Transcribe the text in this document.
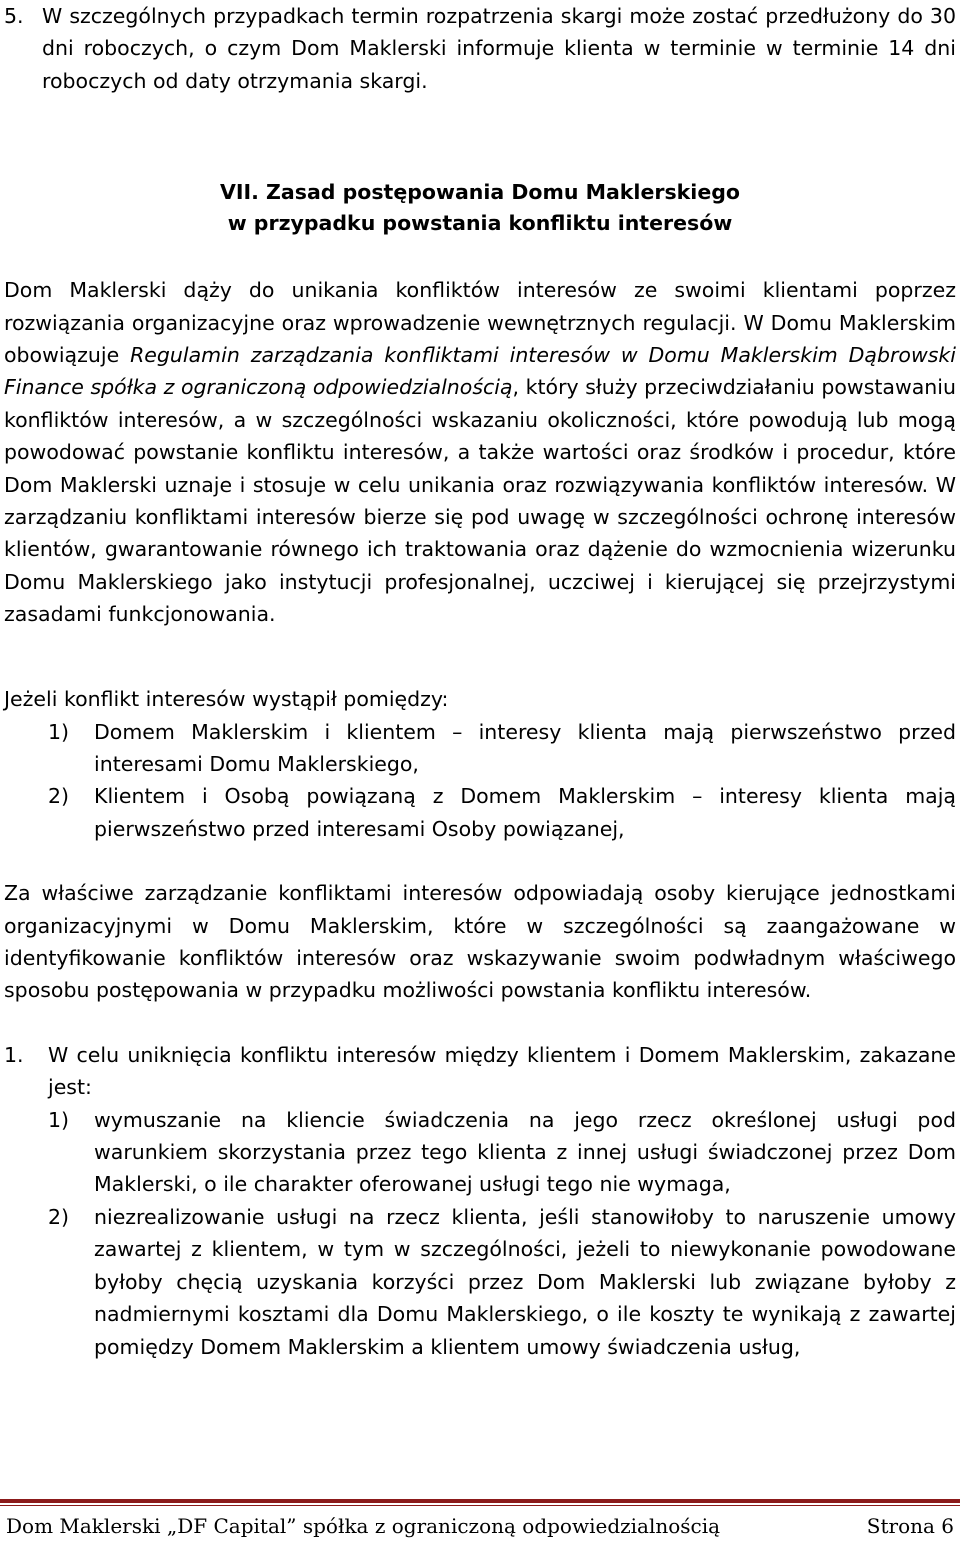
5. W szczególnych przypadkach termin rozpatrzenia skargi może zostać przedłużony do 30 dni roboczych, o czym Dom Maklerski informuje klienta w terminie w terminie 14 dni roboczych od daty otrzymania skargi.
VII. Zasad postępowania Domu Maklerskiego
w przypadku powstania konfliktu interesów

Dom Maklerski dąży do unikania konfliktów interesów ze swoimi klientami poprzez rozwiązania organizacyjne oraz wprowadzenie wewnętrznych regulacji. W Domu Maklerskim obowiązuje Regulamin zarządzania konfliktami interesów w Domu Maklerskim Dąbrowski Finance spółka z ograniczoną odpowiedzialnością, który służy przeciwdziałaniu powstawaniu konfliktów interesów, a w szczególności wskazaniu okoliczności, które powodują lub mogą powodować powstanie konfliktu interesów, a także wartości oraz środków i procedur, które Dom Maklerski uznaje i stosuje w celu unikania oraz rozwiązywania konfliktów interesów. W zarządzaniu konfliktami interesów bierze się pod uwagę w szczególności ochronę interesów klientów, gwarantowanie równego ich traktowania oraz dążenie do wzmocnienia wizerunku Domu Maklerskiego jako instytucji profesjonalnej, uczciwej i kierującej się przejrzystymi zasadami funkcjonowania.

Jeżeli konflikt interesów wystąpił pomiędzy:
1) Domem Maklerskim i klientem – interesy klienta mają pierwszeństwo przed interesami Domu Maklerskiego,
2) Klientem i Osobą powiązaną z Domem Maklerskim – interesy klienta mają pierwszeństwo przed interesami Osoby powiązanej,

Za właściwe zarządzanie konfliktami interesów odpowiadają osoby kierujące jednostkami organizacyjnymi w Domu Maklerskim, które w szczególności są zaangażowane w identyfikowanie konfliktów interesów oraz wskazywanie swoim podwładnym właściwego sposobu postępowania w przypadku możliwości powstania konfliktu interesów.

1. W celu uniknięcia konfliktu interesów między klientem i Domem Maklerskim, zakazane jest:
1) wymuszanie na kliencie świadczenia na jego rzecz określonej usługi pod warunkiem skorzystania przez tego klienta z innej usługi świadczonej przez Dom Maklerski, o ile charakter oferowanej usługi tego nie wymaga,
2) niezrealizowanie usługi na rzecz klienta, jeśli stanowiłoby to naruszenie umowy zawartej z klientem, w tym w szczególności, jeżeli to niewykonanie powodowane byłoby chęcią uzyskania korzyści przez Dom Maklerski lub związane byłoby z nadmiernymi kosztami dla Domu Maklerskiego, o ile koszty te wynikają z zawartej pomiędzy Domem Maklerskim a klientem umowy świadczenia usług,
Dom Maklerski „DF Capital” spółka z ograniczoną odpowiedzialnością	Strona 6
